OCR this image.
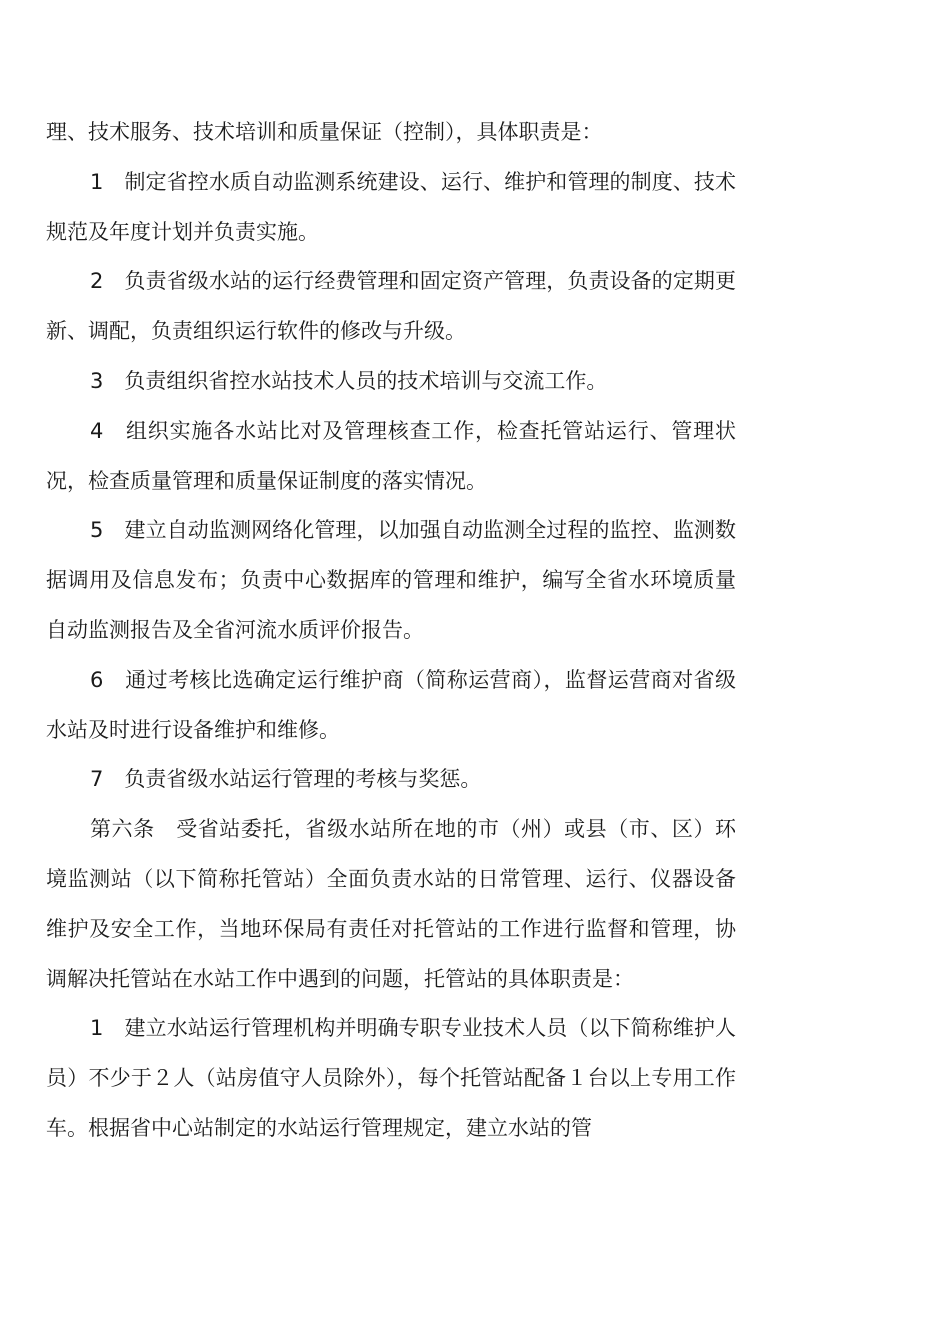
理、技术服务、技术培训和质量保证（控制），具体职责是：

1　制定省控水质自动监测系统建设、运行、维护和管理的制度、技术规范及年度计划并负责实施。

2　负责省级水站的运行经费管理和固定资产管理，负责设备的定期更新、调配，负责组织运行软件的修改与升级。

3　负责组织省控水站技术人员的技术培训与交流工作。

4　组织实施各水站比对及管理核查工作，检查托管站运行、管理状况，检查质量管理和质量保证制度的落实情况。

5　建立自动监测网络化管理，以加强自动监测全过程的监控、监测数据调用及信息发布；负责中心数据库的管理和维护，编写全省水环境质量自动监测报告及全省河流水质评价报告。

6　通过考核比选确定运行维护商（简称运营商），监督运营商对省级水站及时进行设备维护和维修。

7　负责省级水站运行管理的考核与奖惩。

第六条　受省站委托，省级水站所在地的市（州）或县（市、区）环境监测站（以下简称托管站）全面负责水站的日常管理、运行、仪器设备维护及安全工作，当地环保局有责任对托管站的工作进行监督和管理，协调解决托管站在水站工作中遇到的问题，托管站的具体职责是：

1　建立水站运行管理机构并明确专职专业技术人员（以下简称维护人员）不少于２人（站房值守人员除外），每个托管站配备１台以上专用工作车。根据省中心站制定的水站运行管理规定，建立水站的管
